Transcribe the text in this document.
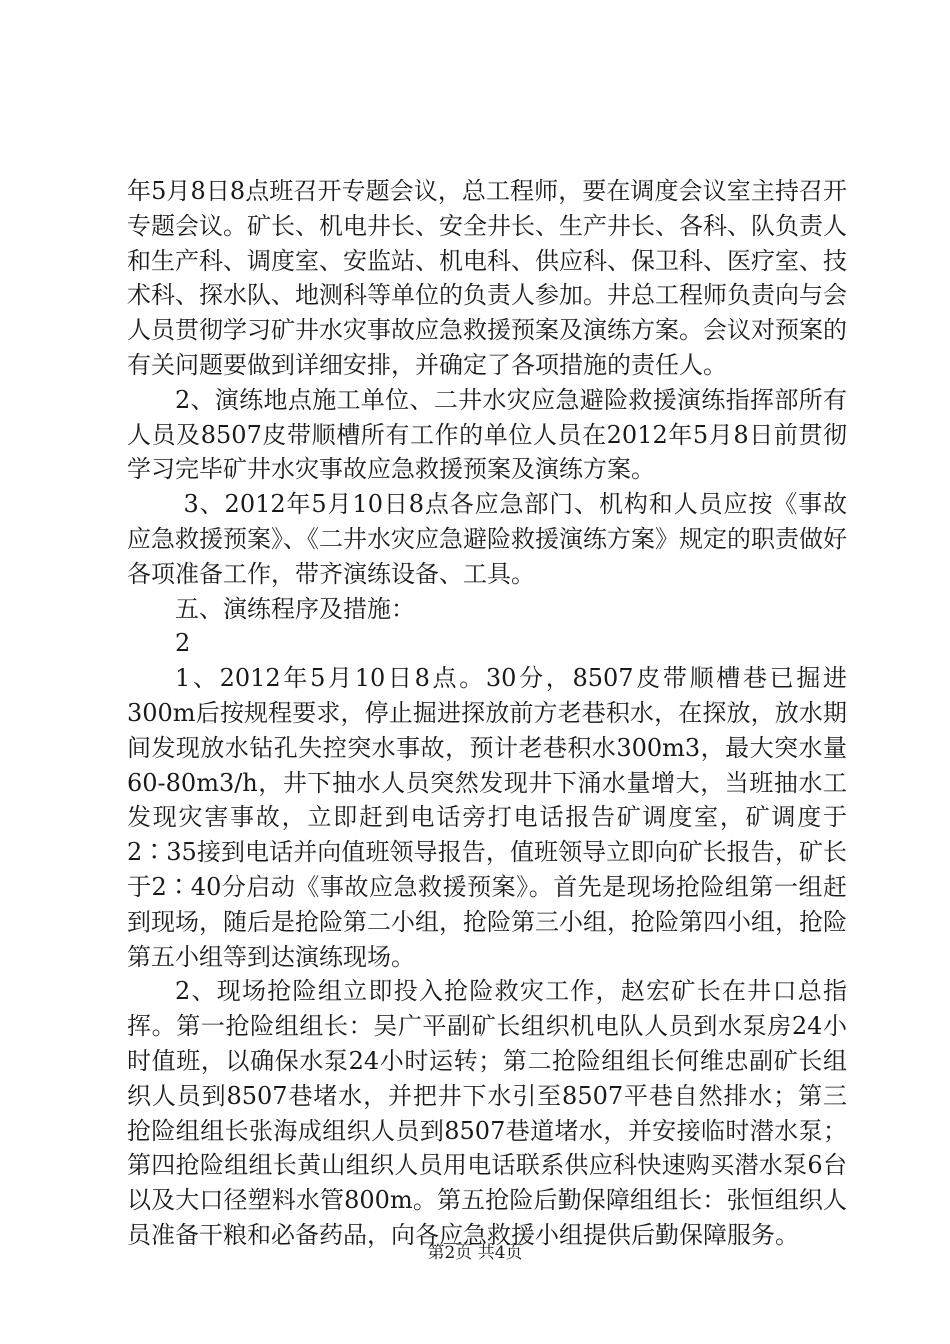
年5月8日8点班召开专题会议，总工程师，要在调度会议室主持召开专题会议。矿长、机电井长、安全井长、生产井长、各科、队负责人和生产科、调度室、安监站、机电科、供应科、保卫科、医疗室、技术科、探水队、地测科等单位的负责人参加。井总工程师负责向与会人员贯彻学习矿井水灾事故应急救援预案及演练方案。会议对预案的有关问题要做到详细安排，并确定了各项措施的责任人。

2、演练地点施工单位、二井水灾应急避险救援演练指挥部所有人员及8507皮带顺槽所有工作的单位人员在2012年5月8日前贯彻学习完毕矿井水灾事故应急救援预案及演练方案。

3、2012年5月10日8点各应急部门、机构和人员应按《事故应急救援预案》、《二井水灾应急避险救援演练方案》规定的职责做好各项准备工作，带齐演练设备、工具。

五、演练程序及措施：

2

1、2012年5月10日8点。30分，8507皮带顺槽巷已掘进300m后按规程要求，停止掘进探放前方老巷积水，在探放，放水期间发现放水钻孔失控突水事故，预计老巷积水300m3，最大突水量60-80m3/h，井下抽水人员突然发现井下涌水量增大，当班抽水工发现灾害事故，立即赶到电话旁打电话报告矿调度室，矿调度于2∶35接到电话并向值班领导报告，值班领导立即向矿长报告，矿长于2∶40分启动《事故应急救援预案》。首先是现场抢险组第一组赶到现场，随后是抢险第二小组，抢险第三小组，抢险第四小组，抢险第五小组等到达演练现场。

2、现场抢险组立即投入抢险救灾工作，赵宏矿长在井口总指挥。第一抢险组组长：吴广平副矿长组织机电队人员到水泵房24小时值班，以确保水泵24小时运转；第二抢险组组长何维忠副矿长组织人员到8507巷堵水，并把井下水引至8507平巷自然排水；第三抢险组组长张海成组织人员到8507巷道堵水，并安接临时潜水泵；第四抢险组组长黄山组织人员用电话联系供应科快速购买潜水泵6台以及大口径塑料水管800m。第五抢险后勤保障组组长：张恒组织人员准备干粮和必备药品，向各应急救援小组提供后勤保障服务。

第2页 共4页
